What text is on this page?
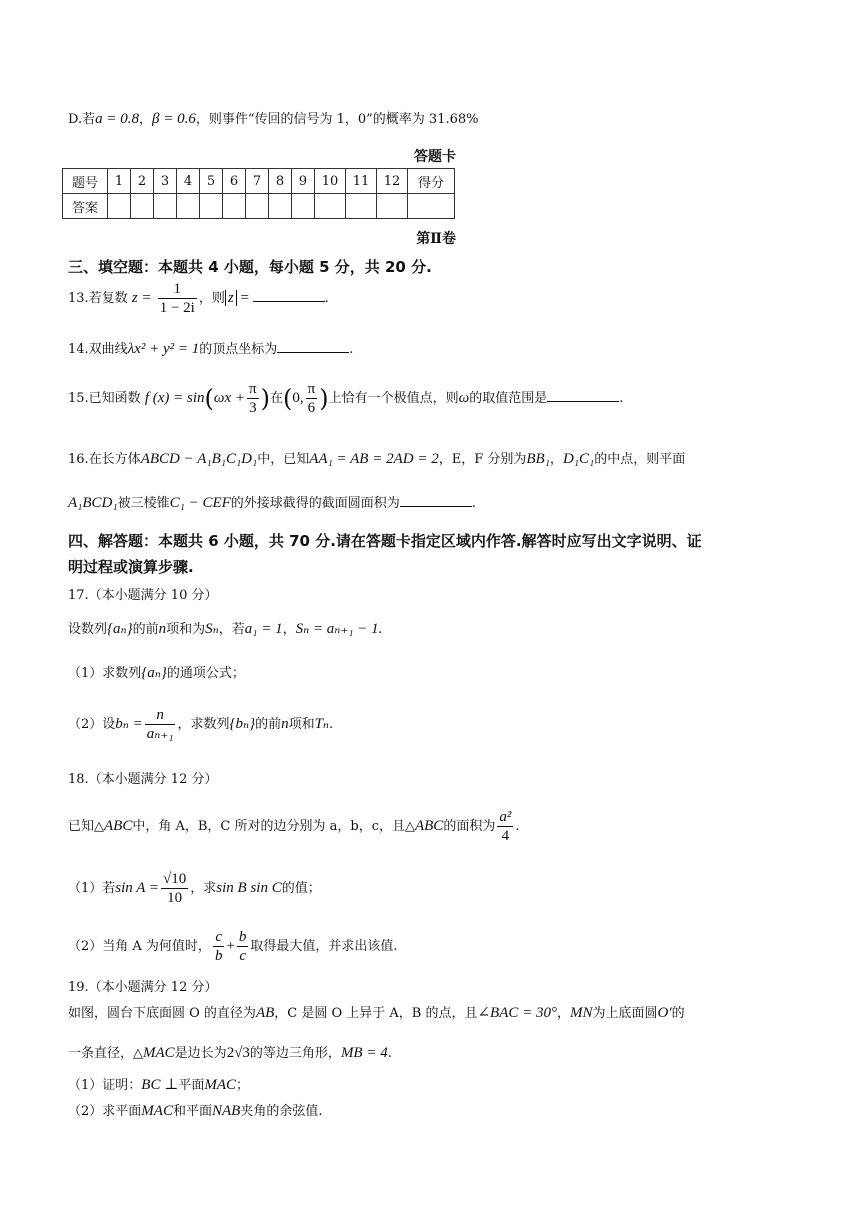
D.若a = 0.8，β = 0.6，则事件“传回的信号为 1，0”的概率为 31.68%
答题卡
题号	1	2	3	4	5	6	7	8	9	10	11	12	得分
答案													
第Ⅱ卷
三、填空题：本题共 4 小题，每小题 5 分，共 20 分.
13.若复数 $z = \frac{1}{1 - 2i}$ ，则 z =	.
14.双曲线λx² + y² = 1的顶点坐标为	.
15.已知函数 f $(x) = \sin(\omega x + \frac{\pi}{3}$ )在(0, $\frac{\pi}{6}$ )上恰有一个极值点，则ω的取值范围是	.
16.在长方体ABCD − A₁B₁C₁D₁中，已知AA₁ = AB = 2AD = 2，E，F 分别为BB₁，D₁C₁的中点，则平面
A₁BCD₁被三棱锥C₁ − CEF的外接球截得的截面圆面积为	.
四、解答题：本题共 6 小题，共 70 分.请在答题卡指定区域内作答.解答时应写出文字说明、证
明过程或演算步骤.
17.（本小题满分 10 分）
设数列{aₙ}的前n项和为Sₙ，若a₁ = 1，Sₙ = aₙ₊₁ − 1.
（1）求数列{aₙ}的通项公式；
（2）设$b_n = \frac{n}{\text{aₙ₊₁}}$ ，求数列{bₙ}的前n项和Tₙ.
18.（本小题满分 12 分）
已知△ABC中，角 A，B，C 所对的边分别为 a，b，c，且△ABC的面积为 $\frac{\text{a²}}{4}$ .
（1）若$\sin A = \frac{√10}{10}$ ，求sin B sin C的值；
（2）当角 A 为何值时， $\frac{c}{b} + \frac{b}{c}$ 取得最大值，并求出该值.
19.（本小题满分 12 分）
如图，圆台下底面圆 O 的直径为AB，C 是圆 O 上异于 A，B 的点，且∠BAC = 30°，MN为上底面圆O′的
一条直径，△MAC是边长为2√3的等边三角形，MB = 4.
（1）证明：BC ⊥平面MAC；
（2）求平面MAC和平面NAB夹角的余弦值.
